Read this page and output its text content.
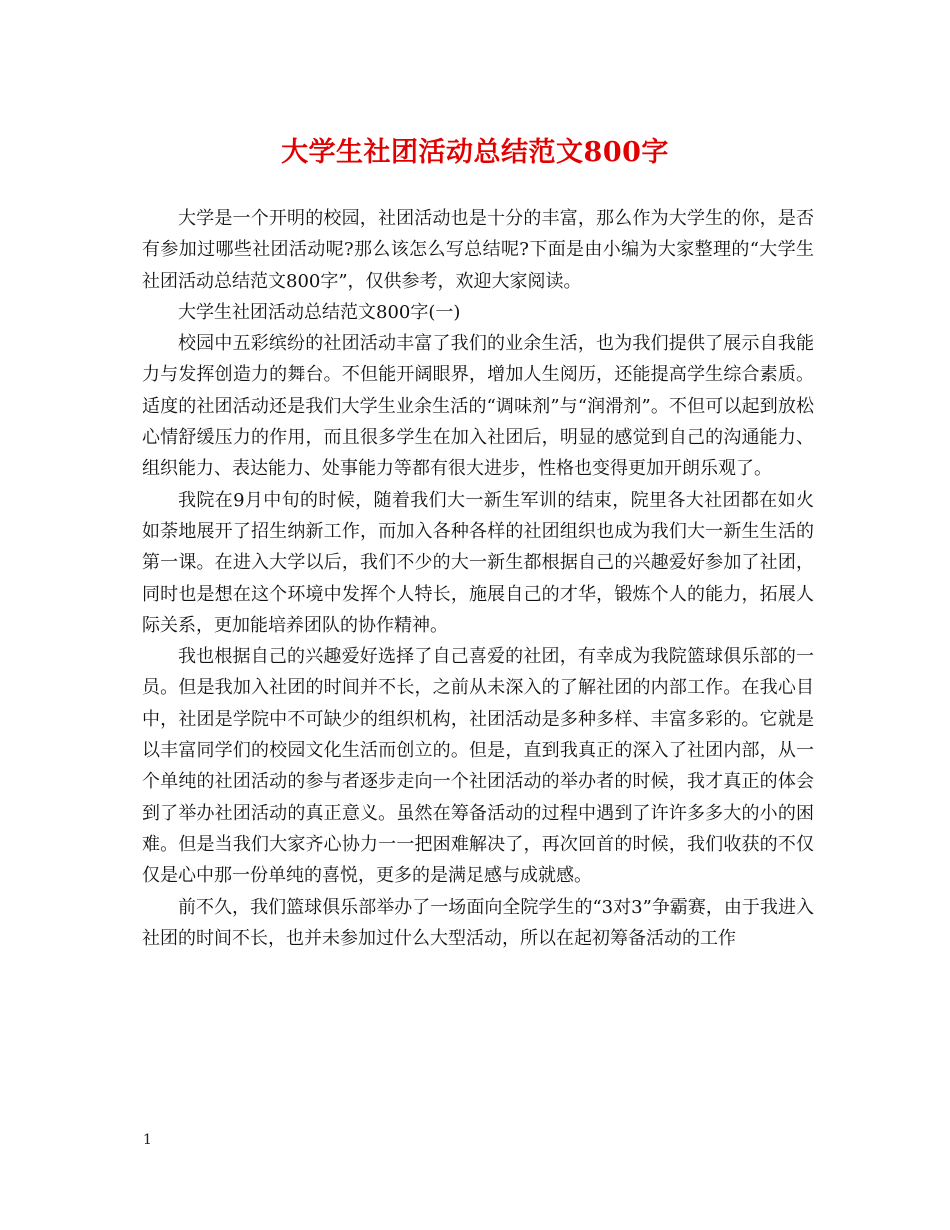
大学生社团活动总结范文800字

大学是一个开明的校园，社团活动也是十分的丰富，那么作为大学生的你，是否有参加过哪些社团活动呢?那么该怎么写总结呢?下面是由小编为大家整理的“大学生社团活动总结范文800字”，仅供参考，欢迎大家阅读。

大学生社团活动总结范文800字(一)

校园中五彩缤纷的社团活动丰富了我们的业余生活，也为我们提供了展示自我能力与发挥创造力的舞台。不但能开阔眼界，增加人生阅历，还能提高学生综合素质。适度的社团活动还是我们大学生业余生活的“调味剂”与“润滑剂”。不但可以起到放松心情舒缓压力的作用，而且很多学生在加入社团后，明显的感觉到自己的沟通能力、组织能力、表达能力、处事能力等都有很大进步，性格也变得更加开朗乐观了。

我院在9月中旬的时候，随着我们大一新生军训的结束，院里各大社团都在如火如荼地展开了招生纳新工作，而加入各种各样的社团组织也成为我们大一新生生活的第一课。在进入大学以后，我们不少的大一新生都根据自己的兴趣爱好参加了社团，同时也是想在这个环境中发挥个人特长，施展自己的才华，锻炼个人的能力，拓展人际关系，更加能培养团队的协作精神。

我也根据自己的兴趣爱好选择了自己喜爱的社团，有幸成为我院篮球俱乐部的一员。但是我加入社团的时间并不长，之前从未深入的了解社团的内部工作。在我心目中，社团是学院中不可缺少的组织机构，社团活动是多种多样、丰富多彩的。它就是以丰富同学们的校园文化生活而创立的。但是，直到我真正的深入了社团内部，从一个单纯的社团活动的参与者逐步走向一个社团活动的举办者的时候，我才真正的体会到了举办社团活动的真正意义。虽然在筹备活动的过程中遇到了许许多多大的小的困难。但是当我们大家齐心协力一一把困难解决了，再次回首的时候，我们收获的不仅仅是心中那一份单纯的喜悦，更多的是满足感与成就感。

前不久，我们篮球俱乐部举办了一场面向全院学生的“3对3”争霸赛，由于我进入社团的时间不长，也并未参加过什么大型活动，所以在起初筹备活动的工作

1
